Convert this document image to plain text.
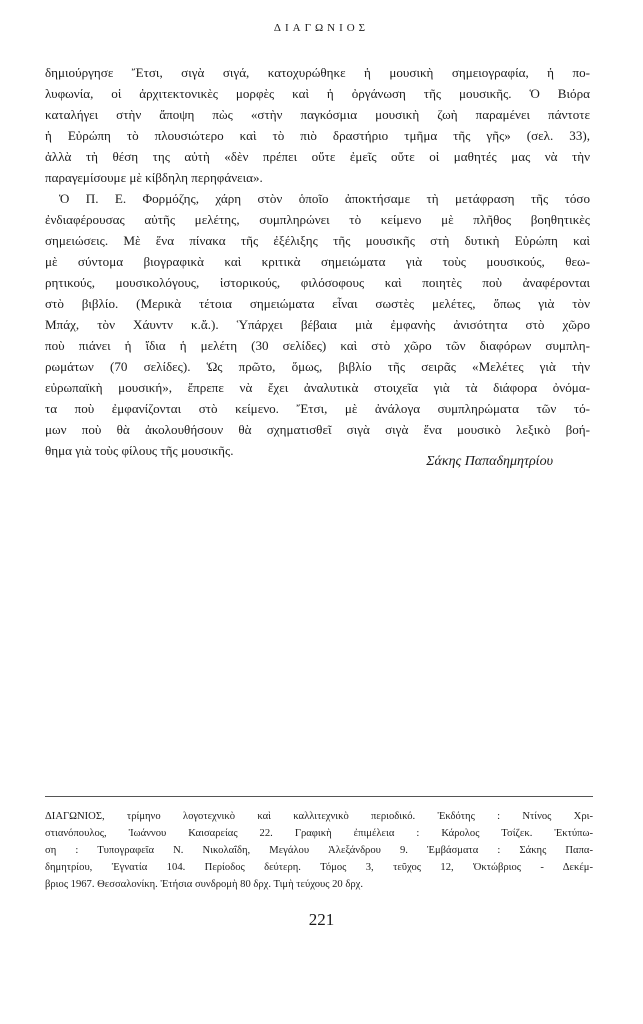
ΔΙΑΓΩΝΙΟΣ
δημιούργησε Ἔτσι, σιγὰ σιγά, κατοχυρώθηκε ἡ μουσικὴ σημειογραφία, ἡ πο-
λυφωνία, οἱ ἀρχιτεκτονικὲς μορφὲς καὶ ἡ ὀργάνωση τῆς μουσικῆς. Ὁ Βιόρα
καταλήγει στὴν ἄποψη πὼς «στὴν παγκόσμια μουσικὴ ζωὴ παραμένει πάντοτε
ἡ Εὐρώπη τὸ πλουσιώτερο καὶ τὸ πιὸ δραστήριο τμῆμα τῆς γῆς» (σελ. 33),
ἀλλὰ τὴ θέση της αὐτὴ «δὲν πρέπει οὔτε ἐμεῖς οὔτε οἱ μαθητές μας νὰ τὴν
παραγεμίσουμε μὲ κίβδηλη περηφάνεια».
Ὁ Π. Ε. Φορμόζης, χάρη στὸν ὁποῖο ἀποκτήσαμε τὴ μετάφραση τῆς τόσο
ἐνδιαφέρουσας αὐτῆς μελέτης, συμπληρώνει τὸ κείμενο μὲ πλῆθος βοηθητικὲς
σημειώσεις. Μὲ ἕνα πίνακα τῆς ἐξέλιξης τῆς μουσικῆς στὴ δυτικὴ Εὐρώπη καὶ
μὲ σύντομα βιογραφικὰ καὶ κριτικὰ σημειώματα γιὰ τοὺς μουσικούς, θεω-
ρητικούς, μουσικολόγους, ἱστορικούς, φιλόσοφους καὶ ποιητὲς ποὺ ἀναφέρονται
στὸ βιβλίο. (Μερικὰ τέτοια σημειώματα εἶναι σωστὲς μελέτες, ὅπως γιὰ τὸν
Μπάχ, τὸν Χάυντν κ.ἄ.). Ὑπάρχει βέβαια μιὰ ἐμφανὴς ἀνισότητα στὸ χῶρο
ποὺ πιάνει ἡ ἴδια ἡ μελέτη (30 σελίδες) καὶ στὸ χῶρο τῶν διαφόρων συμπλη-
ρωμάτων (70 σελίδες). Ὡς πρῶτο, ὅμως, βιβλίο τῆς σειρᾶς «Μελέτες γιὰ τὴν
εὐρωπαϊκὴ μουσική», ἔπρεπε νὰ ἔχει ἀναλυτικὰ στοιχεῖα γιὰ τὰ διάφορα ὀνόμα-
τα ποὺ ἐμφανίζονται στὸ κείμενο. Ἔτσι, μὲ ἀνάλογα συμπληρώματα τῶν τό-
μων ποὺ θὰ ἀκολουθήσουν θὰ σχηματισθεῖ σιγὰ σιγὰ ἕνα μουσικὸ λεξικὸ βοή-
θημα γιὰ τοὺς φίλους τῆς μουσικῆς.
Σάκης Παπαδημητρίου
ΔΙΑΓΩΝΙΟΣ, τρίμηνο λογοτεχνικὸ καὶ καλλιτεχνικὸ περιοδικό. Ἐκδότης : Ντίνος Χρι-
στιανόπουλος, Ἰωάννου Καισαρείας 22. Γραφικὴ ἐπιμέλεια : Κάρολος Τσίζεκ. Ἐκτύπω-
ση : Τυπογραφεῖα Ν. Νικολαΐδη, Μεγάλου Ἀλεξάνδρου 9. Ἐμβάσματα : Σάκης Παπα-
δημητρίου, Ἐγνατία 104. Περίοδος δεύτερη. Τόμος 3, τεῦχος 12, Ὀκτώβριος - Δεκέμ-
βριος 1967. Θεσσαλονίκη. Ἐτήσια συνδρομὴ 80 δρχ. Τιμὴ τεύχους 20 δρχ.
221
